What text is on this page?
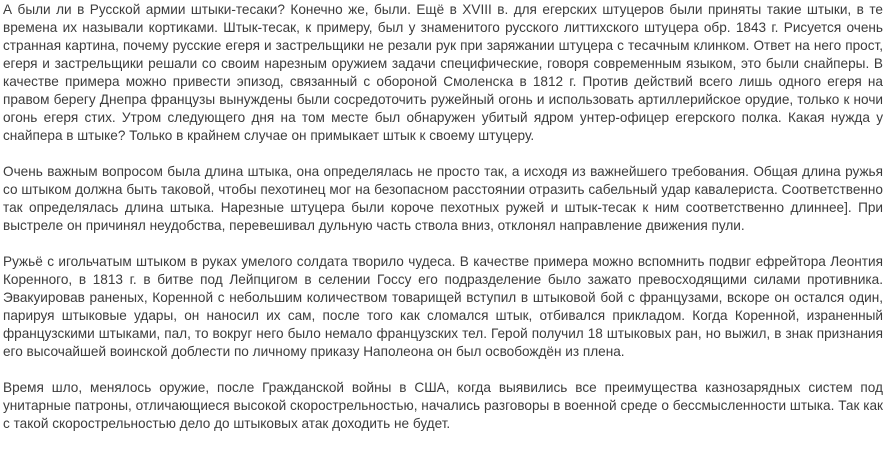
А были ли в Русской армии штыки-тесаки? Конечно же, были. Ещё в XVIII в. для егерских штуцеров были приняты такие штыки, в те времена их называли кортиками. Штык-тесак, к примеру, был у знаменитого русского литтихского штуцера обр. 1843 г. Рисуется очень странная картина, почему русские егеря и застрельщики не резали рук при заряжании штуцера с тесачным клинком. Ответ на него прост, егеря и застрельщики решали со своим нарезным оружием задачи специфические, говоря современным языком, это были снайперы. В качестве примера можно привести эпизод, связанный с обороной Смоленска в 1812 г. Против действий всего лишь одного егеря на правом берегу Днепра французы вынуждены были сосредоточить ружейный огонь и использовать артиллерийское орудие, только к ночи огонь егеря стих. Утром следующего дня на том месте был обнаружен убитый ядром унтер-офицер егерского полка. Какая нужда у снайпера в штыке? Только в крайнем случае он примыкает штык к своему штуцеру.

Очень важным вопросом была длина штыка, она определялась не просто так, а исходя из важнейшего требования. Общая длина ружья со штыком должна быть таковой, чтобы пехотинец мог на безопасном расстоянии отразить сабельный удар кавалериста. Соответственно так определялась длина штыка. Нарезные штуцера были короче пехотных ружей и штык-тесак к ним соответственно длиннее]. При выстреле он причинял неудобства, перевешивал дульную часть ствола вниз, отклонял направление движения пули.

Ружьё с игольчатым штыком в руках умелого солдата творило чудеса. В качестве примера можно вспомнить подвиг ефрейтора Леонтия Коренного, в 1813 г. в битве под Лейпцигом в селении Госсу его подразделение было зажато превосходящими силами противника. Эвакуировав раненых, Коренной с небольшим количеством товарищей вступил в штыковой бой с французами, вскоре он остался один, парируя штыковые удары, он наносил их сам, после того как сломался штык, отбивался прикладом. Когда Коренной, израненный французскими штыками, пал, то вокруг него было немало французских тел. Герой получил 18 штыковых ран, но выжил, в знак признания его высочайшей воинской доблести по личному приказу Наполеона он был освобождён из плена.

Время шло, менялось оружие, после Гражданской войны в США, когда выявились все преимущества казнозарядных систем под унитарные патроны, отличающиеся высокой скорострельностью, начались разговоры в военной среде о бессмысленности штыка. Так как с такой скорострельностью дело до штыковых атак доходить не будет.
